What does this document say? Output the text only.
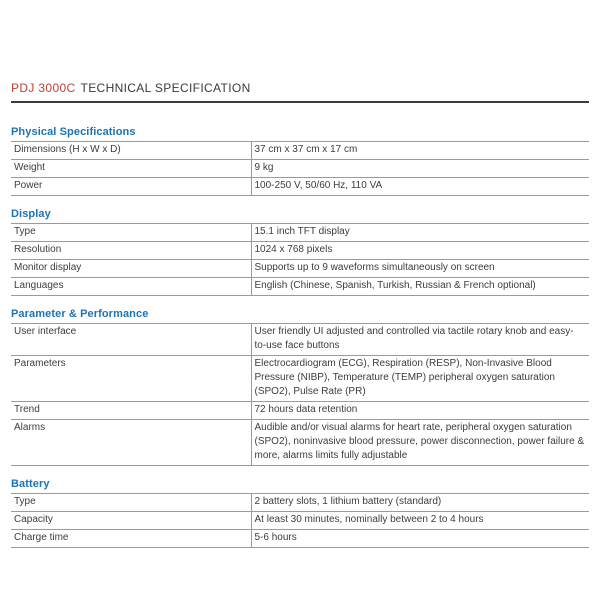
PDJ 3000C TECHNICAL SPECIFICATION
Physical Specifications
Dimensions (H x W x D)	37 cm x 37 cm x 17 cm
Weight	9 kg
Power	100-250 V, 50/60 Hz, 110 VA
Display
Type	15.1 inch TFT display
Resolution	1024 x 768 pixels
Monitor display	Supports up to 9 waveforms simultaneously on screen
Languages	English (Chinese, Spanish, Turkish, Russian & French optional)
Parameter & Performance
User interface	User friendly UI adjusted and controlled via tactile rotary knob and easy-to-use face buttons
Parameters	Electrocardiogram (ECG), Respiration (RESP), Non-Invasive Blood Pressure (NIBP), Temperature (TEMP) peripheral oxygen saturation (SPO2), Pulse Rate (PR)
Trend	72 hours data retention
Alarms	Audible and/or visual alarms for heart rate, peripheral oxygen saturation (SPO2), noninvasive blood pressure, power disconnection, power failure & more, alarms limits fully adjustable
Battery
Type	2 battery slots, 1 lithium battery (standard)
Capacity	At least 30 minutes, nominally between 2 to 4 hours
Charge time	5-6 hours
